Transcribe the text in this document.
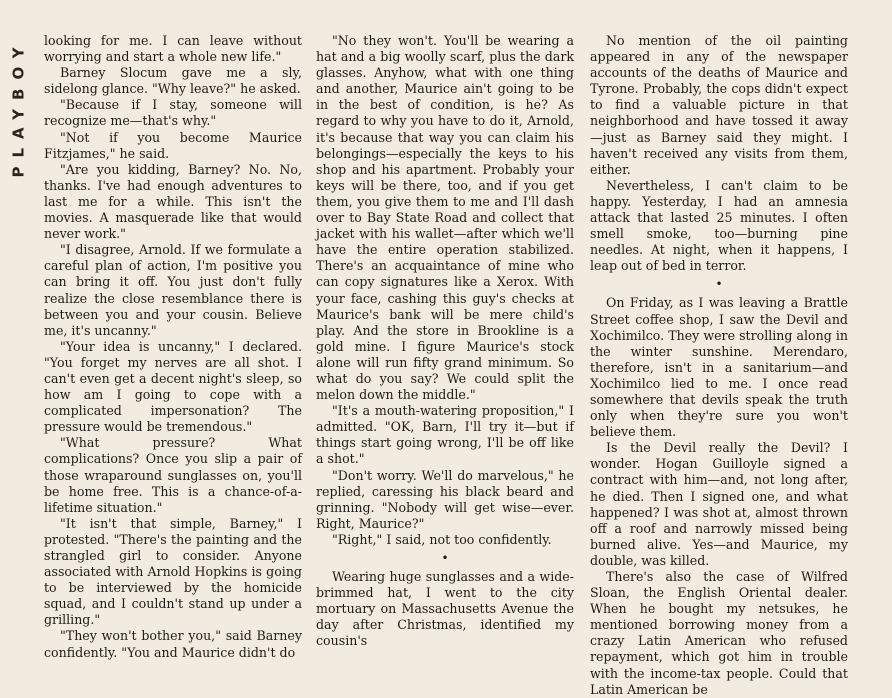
PLAYBOY looking for me. I can leave without worrying and start a whole new life."

Barney Slocum gave me a sly, sidelong glance. "Why leave?" he asked.

"Because if I stay, someone will recognize me—that's why."

"Not if you become Maurice Fitzjames," he said.

"Are you kidding, Barney? No. No, thanks. I've had enough adventures to last me for a while. This isn't the movies. A masquerade like that would never work."

"I disagree, Arnold. If we formulate a careful plan of action, I'm positive you can bring it off. You just don't fully realize the close resemblance there is between you and your cousin. Believe me, it's uncanny."

"Your idea is uncanny," I declared. "You forget my nerves are all shot. I can't even get a decent night's sleep, so how am I going to cope with a complicated impersonation? The pressure would be tremendous."

"What pressure? What complications? Once you slip a pair of those wraparound sunglasses on, you'll be home free. This is a chance-of-a-lifetime situation."

"It isn't that simple, Barney," I protested. "There's the painting and the strangled girl to consider. Anyone associated with Arnold Hopkins is going to be interviewed by the homicide squad, and I couldn't stand up under a grilling."

"They won't bother you," said Barney confidently. "You and Maurice didn't do

"No they won't. You'll be wearing a hat and a big woolly scarf, plus the dark glasses. Anyhow, what with one thing and another, Maurice ain't going to be in the best of condition, is he? As regard to why you have to do it, Arnold, it's because that way you can claim his belongings—especially the keys to his shop and his apartment. Probably your keys will be there, too, and if you get them, you give them to me and I'll dash over to Bay State Road and collect that jacket with his wallet—after which we'll have the entire operation stabilized. There's an acquaintance of mine who can copy signatures like a Xerox. With your face, cashing this guy's checks at Maurice's bank will be mere child's play. And the store in Brookline is a gold mine. I figure Maurice's stock alone will run fifty grand minimum. So what do you say? We could split the melon down the middle."

"It's a mouth-watering proposition," I admitted. "OK, Barn, I'll try it—but if things start going wrong, I'll be off like a shot."

"Don't worry. We'll do marvelous," he replied, caressing his black beard and grinning. "Nobody will get wise—ever. Right, Maurice?"

"Right," I said, not too confidently.

•

Wearing huge sunglasses and a wide-brimmed hat, I went to the city mortuary on Massachusetts Avenue the day after Christmas, identified my cousin's

No mention of the oil painting appeared in any of the newspaper accounts of the deaths of Maurice and Tyrone. Probably, the cops didn't expect to find a valuable picture in that neighborhood and have tossed it away—just as Barney said they might. I haven't received any visits from them, either.

Nevertheless, I can't claim to be happy. Yesterday, I had an amnesia attack that lasted 25 minutes. I often smell smoke, too—burning pine needles. At night, when it happens, I leap out of bed in terror.

•

On Friday, as I was leaving a Brattle Street coffee shop, I saw the Devil and Xochimilco. They were strolling along in the winter sunshine. Merendaro, therefore, isn't in a sanitarium—and Xochimilco lied to me. I once read somewhere that devils speak the truth only when they're sure you won't believe them.

Is the Devil really the Devil? I wonder. Hogan Guilloyle signed a contract with him—and, not long after, he died. Then I signed one, and what happened? I was shot at, almost thrown off a roof and narrowly missed being burned alive. Yes—and Maurice, my double, was killed.

There's also the case of Wilfred Sloan, the English Oriental dealer. When he bought my netsukes, he mentioned borrowing money from a crazy Latin American who refused repayment, which got him in trouble with the income-tax people. Could that Latin American be
